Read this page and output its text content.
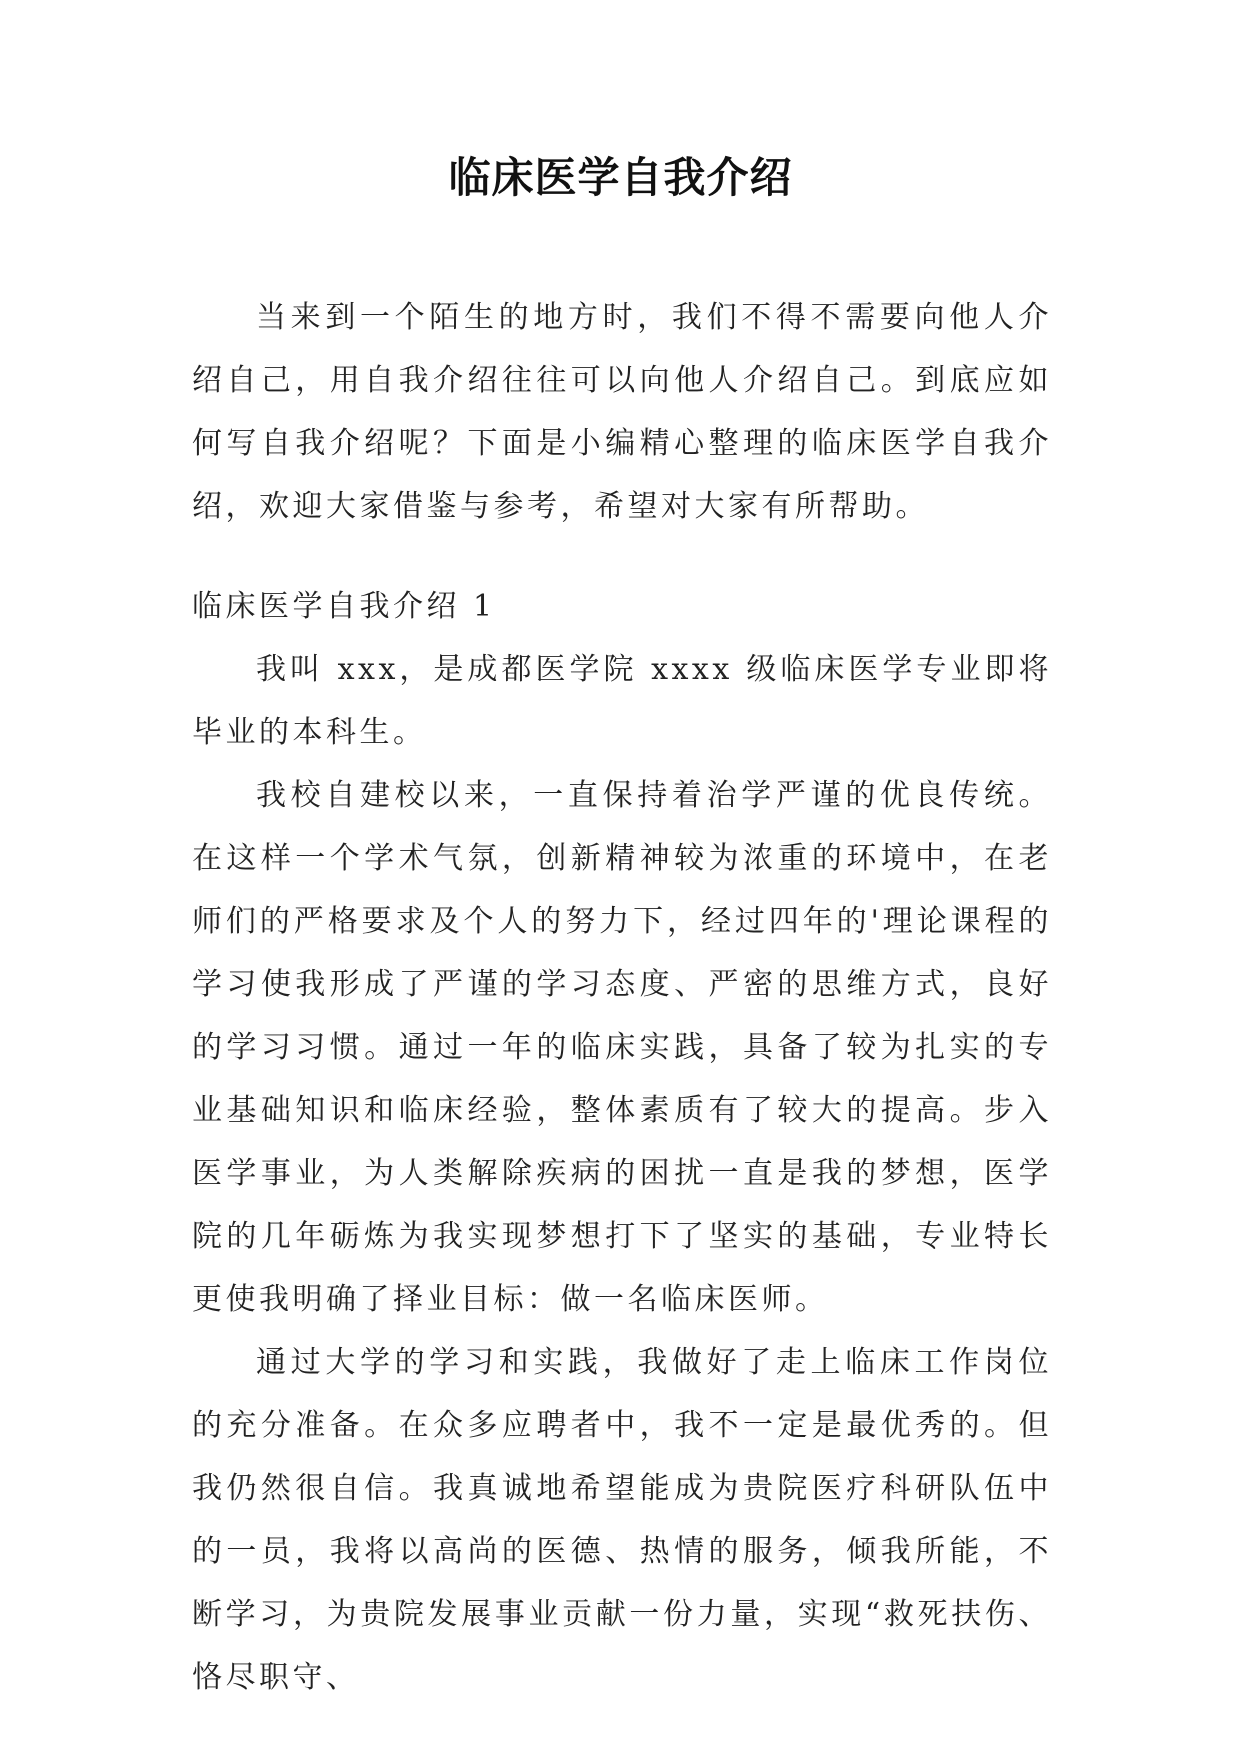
临床医学自我介绍

当来到一个陌生的地方时，我们不得不需要向他人介绍自己，用自我介绍往往可以向他人介绍自己。到底应如何写自我介绍呢？下面是小编精心整理的临床医学自我介绍，欢迎大家借鉴与参考，希望对大家有所帮助。

临床医学自我介绍 1

我叫 xxx，是成都医学院 xxxx 级临床医学专业即将毕业的本科生。

我校自建校以来，一直保持着治学严谨的优良传统。在这样一个学术气氛，创新精神较为浓重的环境中，在老师们的严格要求及个人的努力下，经过四年的'理论课程的学习使我形成了严谨的学习态度、严密的思维方式，良好的学习习惯。通过一年的临床实践，具备了较为扎实的专业基础知识和临床经验，整体素质有了较大的提高。步入医学事业，为人类解除疾病的困扰一直是我的梦想，医学院的几年砺炼为我实现梦想打下了坚实的基础，专业特长更使我明确了择业目标：做一名临床医师。

通过大学的学习和实践，我做好了走上临床工作岗位的充分准备。在众多应聘者中，我不一定是最优秀的。但我仍然很自信。我真诚地希望能成为贵院医疗科研队伍中的一员，我将以高尚的医德、热情的服务，倾我所能，不断学习，为贵院发展事业贡献一份力量，实现“救死扶伤、恪尽职守、
